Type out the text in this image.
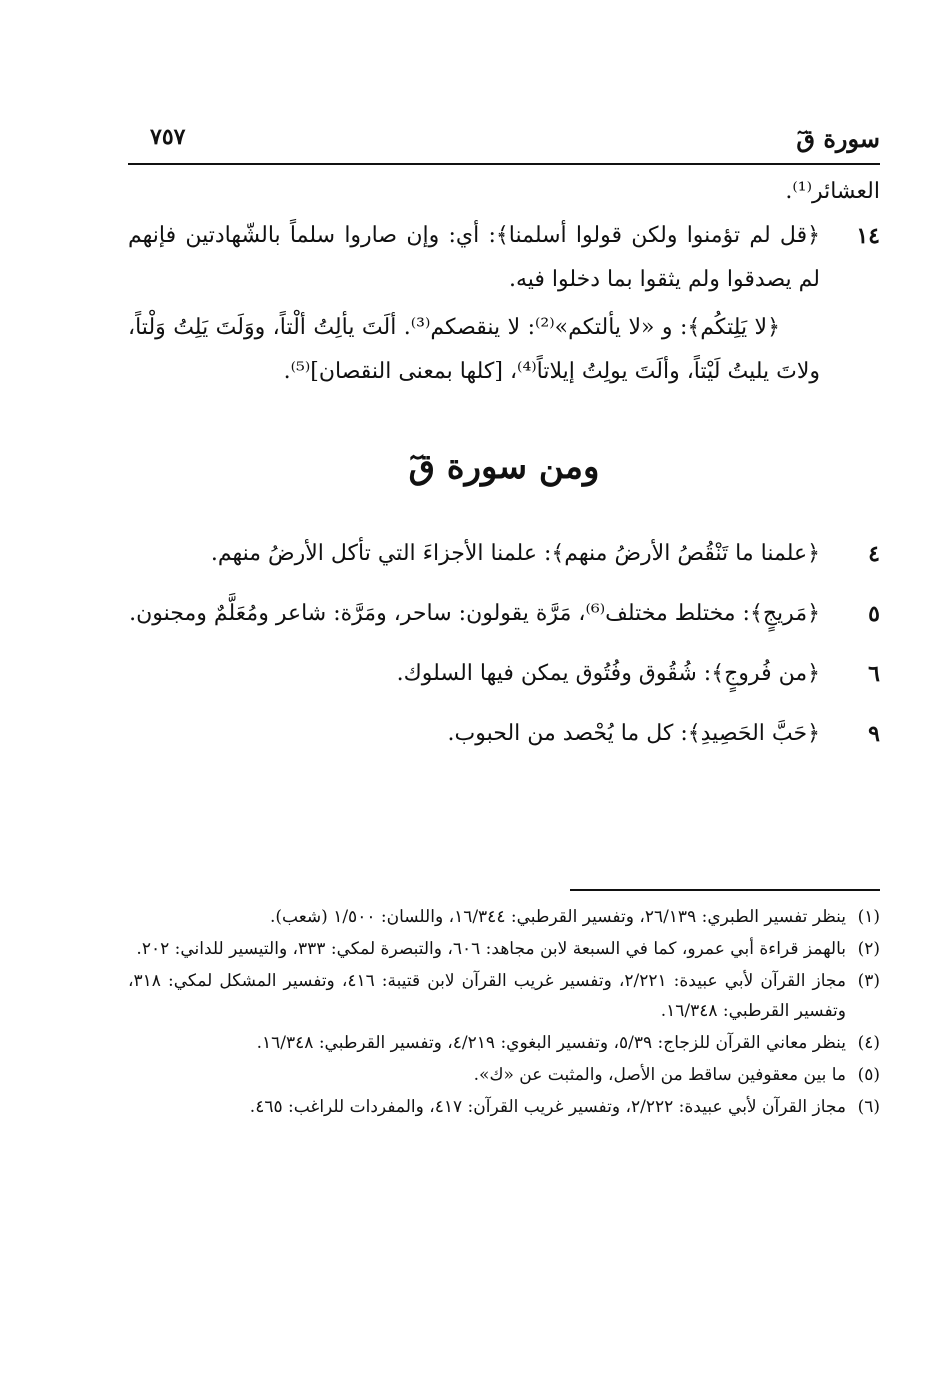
سورة قٓ
٧٥٧
العشائر⁽¹⁾.
١٤
﴿قل لم تؤمنوا ولكن قولوا أسلمنا﴾: أي: وإن صاروا سلماً بالشّهادتين فإنهم لم يصدقوا ولم يثقوا بما دخلوا فيه.
﴿لا يَلِتكُم﴾: و «لا يألتكم»⁽²⁾: لا ينقصكم⁽³⁾. ألَتَ يألِتُ ألْتاً، ووَلَتَ يَلِتُ وَلْتاً، ولاتَ يليتُ لَيْتاً، وألَتَ يولِتُ إيلاتاً⁽⁴⁾، [كلها بمعنى النقصان]⁽⁵⁾.
ومن سورة قٓ
٤
﴿علمنا ما تَنْقُصُ الأرضُ منهم﴾: علمنا الأجزاءَ التي تأكل الأرضُ منهم.
٥
﴿مَريجٍ﴾: مختلط مختلف⁽⁶⁾، مَرَّة يقولون: ساحر، ومَرَّة: شاعر ومُعَلَّمٌ ومجنون.
٦
﴿من فُروجٍ﴾: شُقُوق وفُتُوق يمكن فيها السلوك.
٩
﴿حَبَّ الحَصِيدِ﴾: كل ما يُحْصد من الحبوب.
(١)
ينظر تفسير الطبري: ٢٦/١٣٩، وتفسير القرطبي: ١٦/٣٤٤، واللسان: ١/٥٠٠ (شعب).
(٢)
بالهمز قراءة أبي عمرو، كما في السبعة لابن مجاهد: ٦٠٦، والتبصرة لمكي: ٣٣٣، والتيسير للداني: ٢٠٢.
(٣)
مجاز القرآن لأبي عبيدة: ٢/٢٢١، وتفسير غريب القرآن لابن قتيبة: ٤١٦، وتفسير المشكل لمكي: ٣١٨، وتفسير القرطبي: ١٦/٣٤٨.
(٤)
ينظر معاني القرآن للزجاج: ٥/٣٩، وتفسير البغوي: ٤/٢١٩، وتفسير القرطبي: ١٦/٣٤٨.
(٥)
ما بين معقوفين ساقط من الأصل، والمثبت عن «ك».
(٦)
مجاز القرآن لأبي عبيدة: ٢/٢٢٢، وتفسير غريب القرآن: ٤١٧، والمفردات للراغب: ٤٦٥.
